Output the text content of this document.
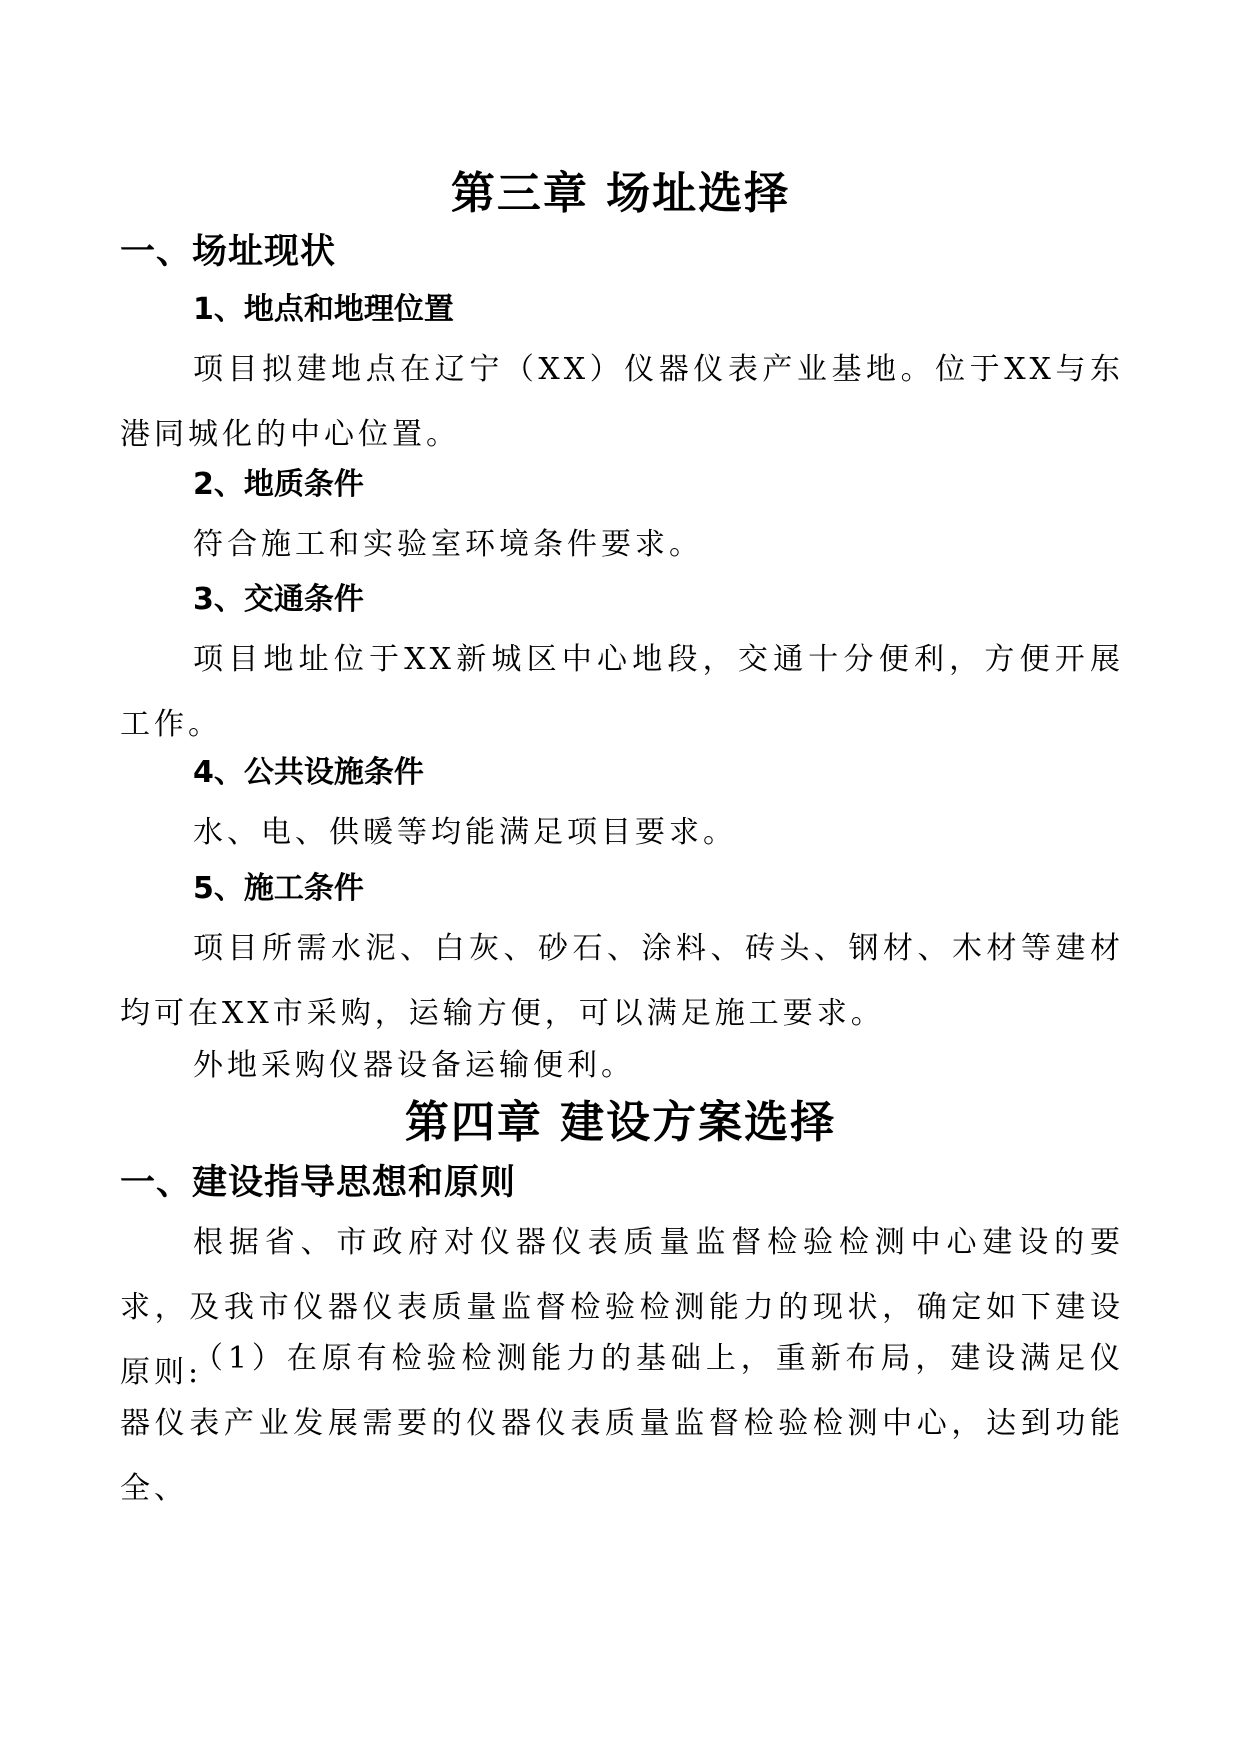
第三章 场址选择
一、场址现状
1、地点和地理位置
项目拟建地点在辽宁（XX）仪器仪表产业基地。位于XX与东港同城化的中心位置。
2、地质条件
符合施工和实验室环境条件要求。
3、交通条件
项目地址位于XX新城区中心地段，交通十分便利，方便开展工作。
4、公共设施条件
水、电、供暖等均能满足项目要求。
5、施工条件
项目所需水泥、白灰、砂石、涂料、砖头、钢材、木材等建材均可在XX市采购，运输方便，可以满足施工要求。
外地采购仪器设备运输便利。
第四章 建设方案选择
一、建设指导思想和原则
根据省、市政府对仪器仪表质量监督检验检测中心建设的要求，及我市仪器仪表质量监督检验检测能力的现状，确定如下建设原则:
（1）在原有检验检测能力的基础上，重新布局，建设满足仪器仪表产业发展需要的仪器仪表质量监督检验检测中心，达到功能全、
